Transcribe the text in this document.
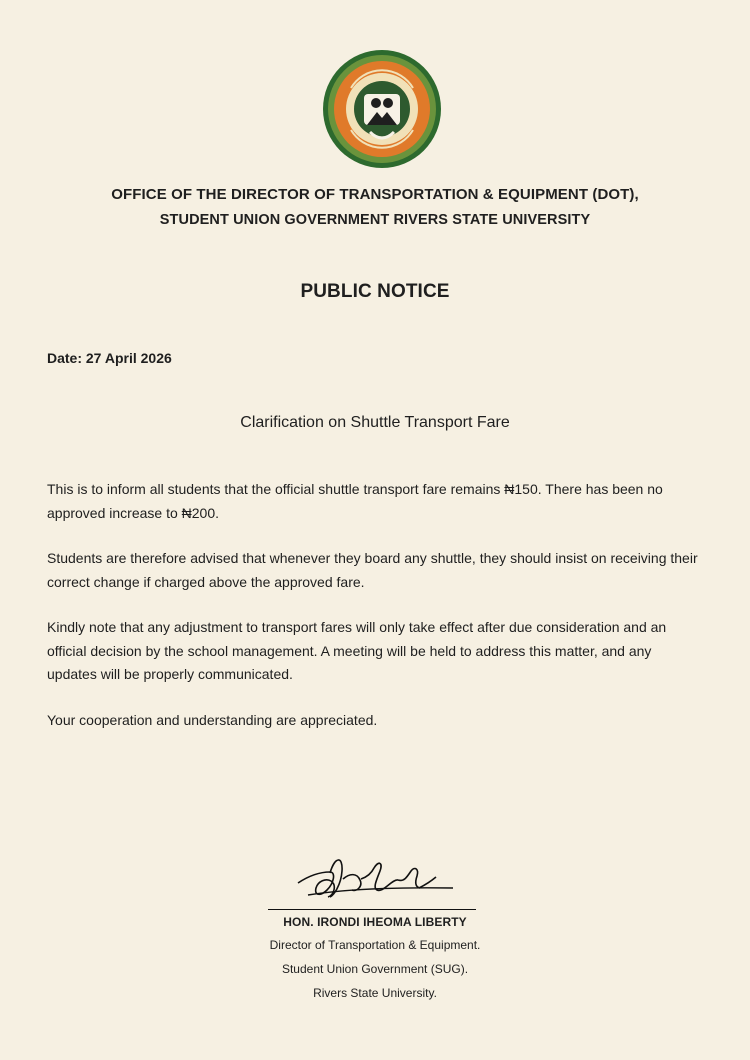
OFFICE OF THE DIRECTOR OF TRANSPORTATION & EQUIPMENT (DOT),
STUDENT UNION GOVERNMENT RIVERS STATE UNIVERSITY
PUBLIC NOTICE
Date: 27 April 2026
Clarification on Shuttle Transport Fare

This is to inform all students that the official shuttle transport fare remains ₦150. There has been no approved increase to ₦200.

Students are therefore advised that whenever they board any shuttle, they should insist on receiving their correct change if charged above the approved fare.

Kindly note that any adjustment to transport fares will only take effect after due consideration and an official decision by the school management. A meeting will be held to address this matter, and any updates will be properly communicated.

Your cooperation and understanding are appreciated.

HON. IRONDI IHEOMA LIBERTY
Director of Transportation & Equipment.
Student Union Government (SUG).
Rivers State University.
